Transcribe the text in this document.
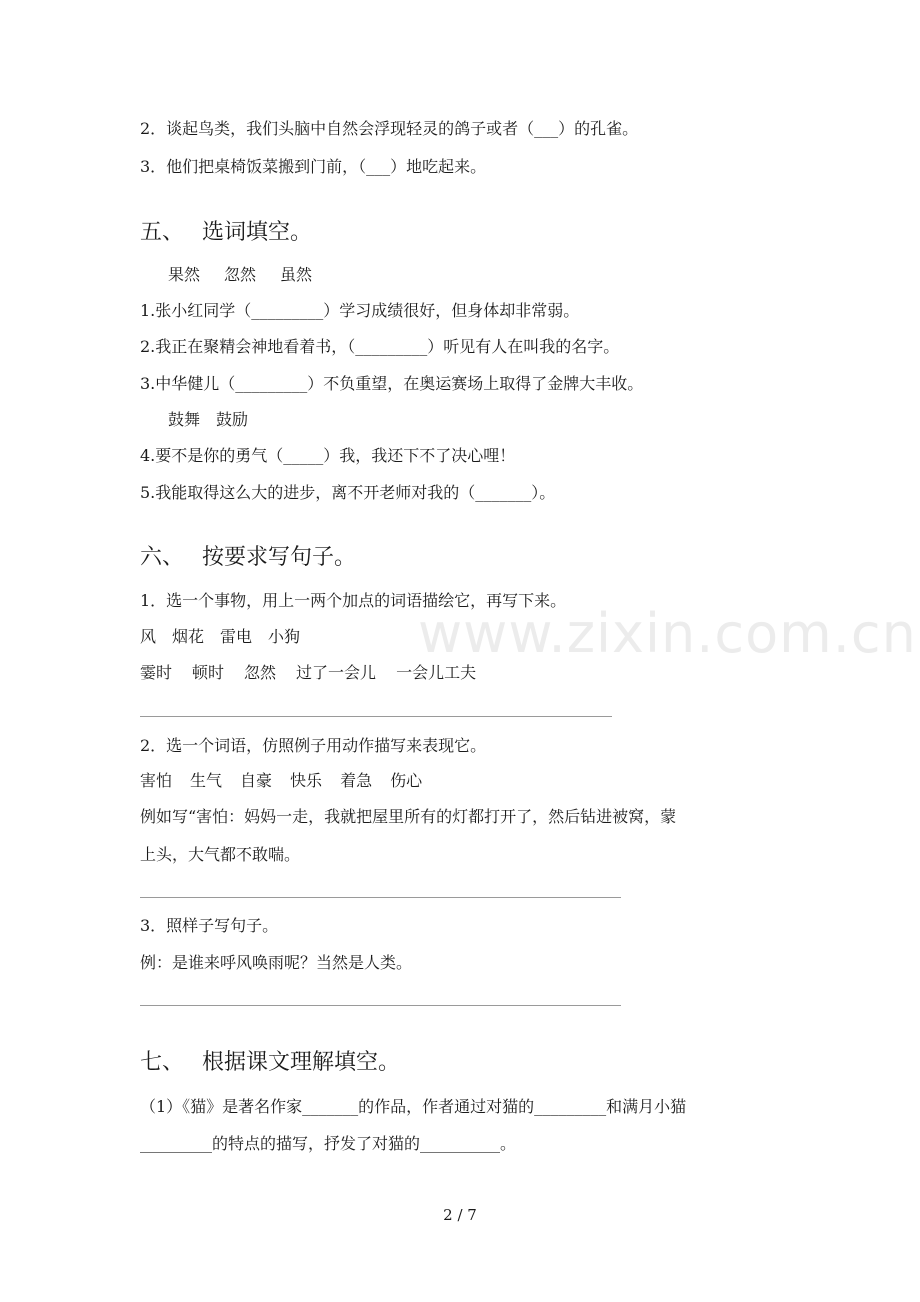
www.zixin.com.cn
2．谈起鸟类，我们头脑中自然会浮现轻灵的鸽子或者（___）的孔雀。
3．他们把桌椅饭菜搬到门前，（___）地吃起来。
五、 选词填空。
果然 忽然 虽然
1.张小红同学（_________）学习成绩很好，但身体却非常弱。
2.我正在聚精会神地看着书，（_________）听见有人在叫我的名字。
3.中华健儿（_________）不负重望，在奥运赛场上取得了金牌大丰收。
鼓舞 鼓励
4.要不是你的勇气（_____）我，我还下不了决心哩！
5.我能取得这么大的进步，离不开老师对我的（_______）。
六、 按要求写句子。
1．选一个事物，用上一两个加点的词语描绘它，再写下来。
风 烟花 雷电 小狗
霎时 顿时 忽然 过了一会儿 一会儿工夫
2．选一个词语，仿照例子用动作描写来表现它。
害怕 生气 自豪 快乐 着急 伤心
例如写“害怕：妈妈一走，我就把屋里所有的灯都打开了，然后钻进被窝，蒙
上头，大气都不敢喘。
3．照样子写句子。
例：是谁来呼风唤雨呢？当然是人类。
七、 根据课文理解填空。
（1）《猫》是著名作家_______的作品，作者通过对猫的_________和满月小猫
_________的特点的描写，抒发了对猫的__________。
2 / 7
